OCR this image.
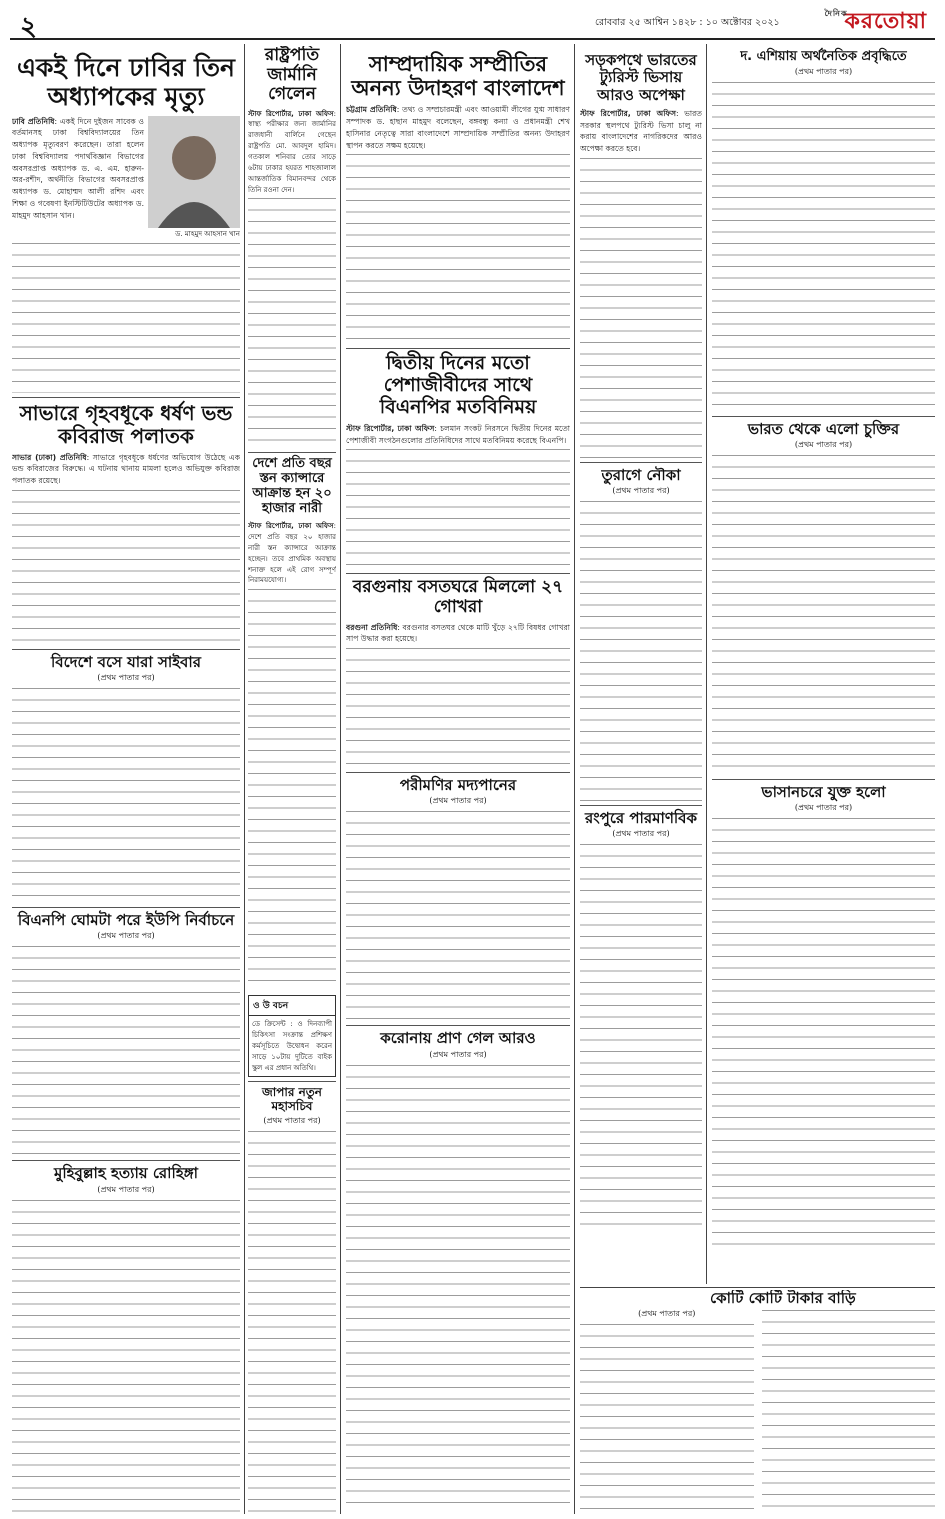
২	রোববার ২৫ আশ্বিন ১৪২৮ : ১০ অক্টোবর ২০২১
দৈনিক
করতোয়া
একই দিনে ঢাবির তিন অধ্যাপকের মৃত্যু

ঢাবি প্রতিনিধি: একই দিনে দুইজন সাবেক ও বর্তমানসহ ঢাকা বিশ্ববিদ্যালয়ের তিন অধ্যাপক মৃত্যুবরণ করেছেন। তারা হলেন ঢাকা বিশ্ববিদ্যালয় পদার্থবিজ্ঞান বিভাগের অবসরপ্রাপ্ত অধ্যাপক ড. এ. এম. হারুন-অর-রশীদ, অর্থনীতি বিভাগের অবসরপ্রাপ্ত অধ্যাপক ড. মোহাম্মদ আলী রশিদ এবং শিক্ষা ও গবেষণা ইনস্টিটিউটের অধ্যাপক ড. মাহমুদ আহসান খান।

ড. মাহমুদ আহসান খান
সাভারে গৃহবধূকে ধর্ষণ ভন্ড কবিরাজ পলাতক

সাভার (ঢাকা) প্রতিনিধি: সাভারে গৃহবধূকে ধর্ষণের অভিযোগ উঠেছে এক ভন্ড কবিরাজের বিরুদ্ধে। এ ঘটনায় থানায় মামলা হলেও অভিযুক্ত কবিরাজ পলাতক রয়েছে।

বিদেশে বসে যারা সাইবার
(প্রথম পাতার পর)
বিএনপি ঘোমটা পরে ইউপি নির্বাচনে
(প্রথম পাতার পর)
মুহিবুল্লাহ হত্যায় রোহিঙ্গা
(প্রথম পাতার পর)
রাষ্ট্রপতি জার্মানি গেলেন

স্টাফ রিপোর্টার, ঢাকা অফিস: স্বাস্থ্য পরীক্ষার জন্য জার্মানির রাজধানী বার্লিনে গেছেন রাষ্ট্রপতি মো. আবদুল হামিদ। গতকাল শনিবার তোর সাড়ে ৬টায় ঢাকার হযরত শাহজালাল আন্তর্জাতিক বিমানবন্দর থেকে তিনি রওনা দেন।

দেশে প্রতি বছর স্তন ক্যান্সারে আক্রান্ত হন ২০ হাজার নারী

স্টাফ রিপোর্টার, ঢাকা অফিস: দেশে প্রতি বছর ২০ হাজার নারী স্তন ক্যান্সারে আক্রান্ত হচ্ছেন। তবে প্রাথমিক অবস্থায় শনাক্ত হলে এই রোগ সম্পূর্ণ নিরাময়যোগ্য।

ও উ বচন

ডে ক্রিসেন্ট : ও দিনব্যাপী চিকিৎসা সংক্রান্ত প্রশিক্ষণ কর্মসূচিতে উদ্বোধন করেন সাড়ে ১০টায় দুটিতে বাইক স্কুল এর প্রধান অতিথি।

জাপার নতুন মহাসচিব
(প্রথম পাতার পর)
সাম্প্রদায়িক সম্প্রীতির অনন্য উদাহরণ বাংলাদেশ

চট্টগ্রাম প্রতিনিধি: তথ্য ও সম্প্রচারমন্ত্রী এবং আওয়ামী লীগের যুগ্ম সাধারণ সম্পাদক ড. হাছান মাহমুদ বলেছেন, বঙ্গবন্ধু কন্যা ও প্রধানমন্ত্রী শেখ হাসিনার নেতৃত্বে সারা বাংলাদেশে সাম্প্রদায়িক সম্প্রীতির অনন্য উদাহরণ স্থাপন করতে সক্ষম হয়েছে।

দ্বিতীয় দিনের মতো পেশাজীবীদের সাথে বিএনপির মতবিনিময়

স্টাফ রিপোর্টার, ঢাকা অফিস: চলমান সংকট নিরসনে দ্বিতীয় দিনের মতো পেশাজীবী সংগঠনগুলোর প্রতিনিধিদের সাথে মতবিনিময় করেছে বিএনপি।

বরগুনায় বসতঘরে মিললো ২৭ গোখরা

বরগুনা প্রতিনিধি: বরগুনার বসতঘর থেকে মাটি খুঁড়ে ২৭টি বিষধর গোখরা সাপ উদ্ধার করা হয়েছে।

পরীমণির মদ্যপানের
(প্রথম পাতার পর)
করোনায় প্রাণ গেল আরও
(প্রথম পাতার পর)
সড়কপথে ভারতের ট্যুরিস্ট ভিসায় আরও অপেক্ষা

স্টাফ রিপোর্টার, ঢাকা অফিস: ভারত সরকার স্থলপথে ট্যুরিস্ট ভিসা চালু না করায় বাংলাদেশের নাগরিকদের আরও অপেক্ষা করতে হবে।

তুরাগে নৌকা
(প্রথম পাতার পর)
রংপুরে পারমাণবিক
(প্রথম পাতার পর)
দ. এশিয়ায় অর্থনৈতিক প্রবৃদ্ধিতে
(প্রথম পাতার পর)
ভারত থেকে এলো চুক্তির
(প্রথম পাতার পর)
ভাসানচরে যুক্ত হলো
(প্রথম পাতার পর)
কোটি কোটি টাকার বাড়ি
(প্রথম পাতার পর)
